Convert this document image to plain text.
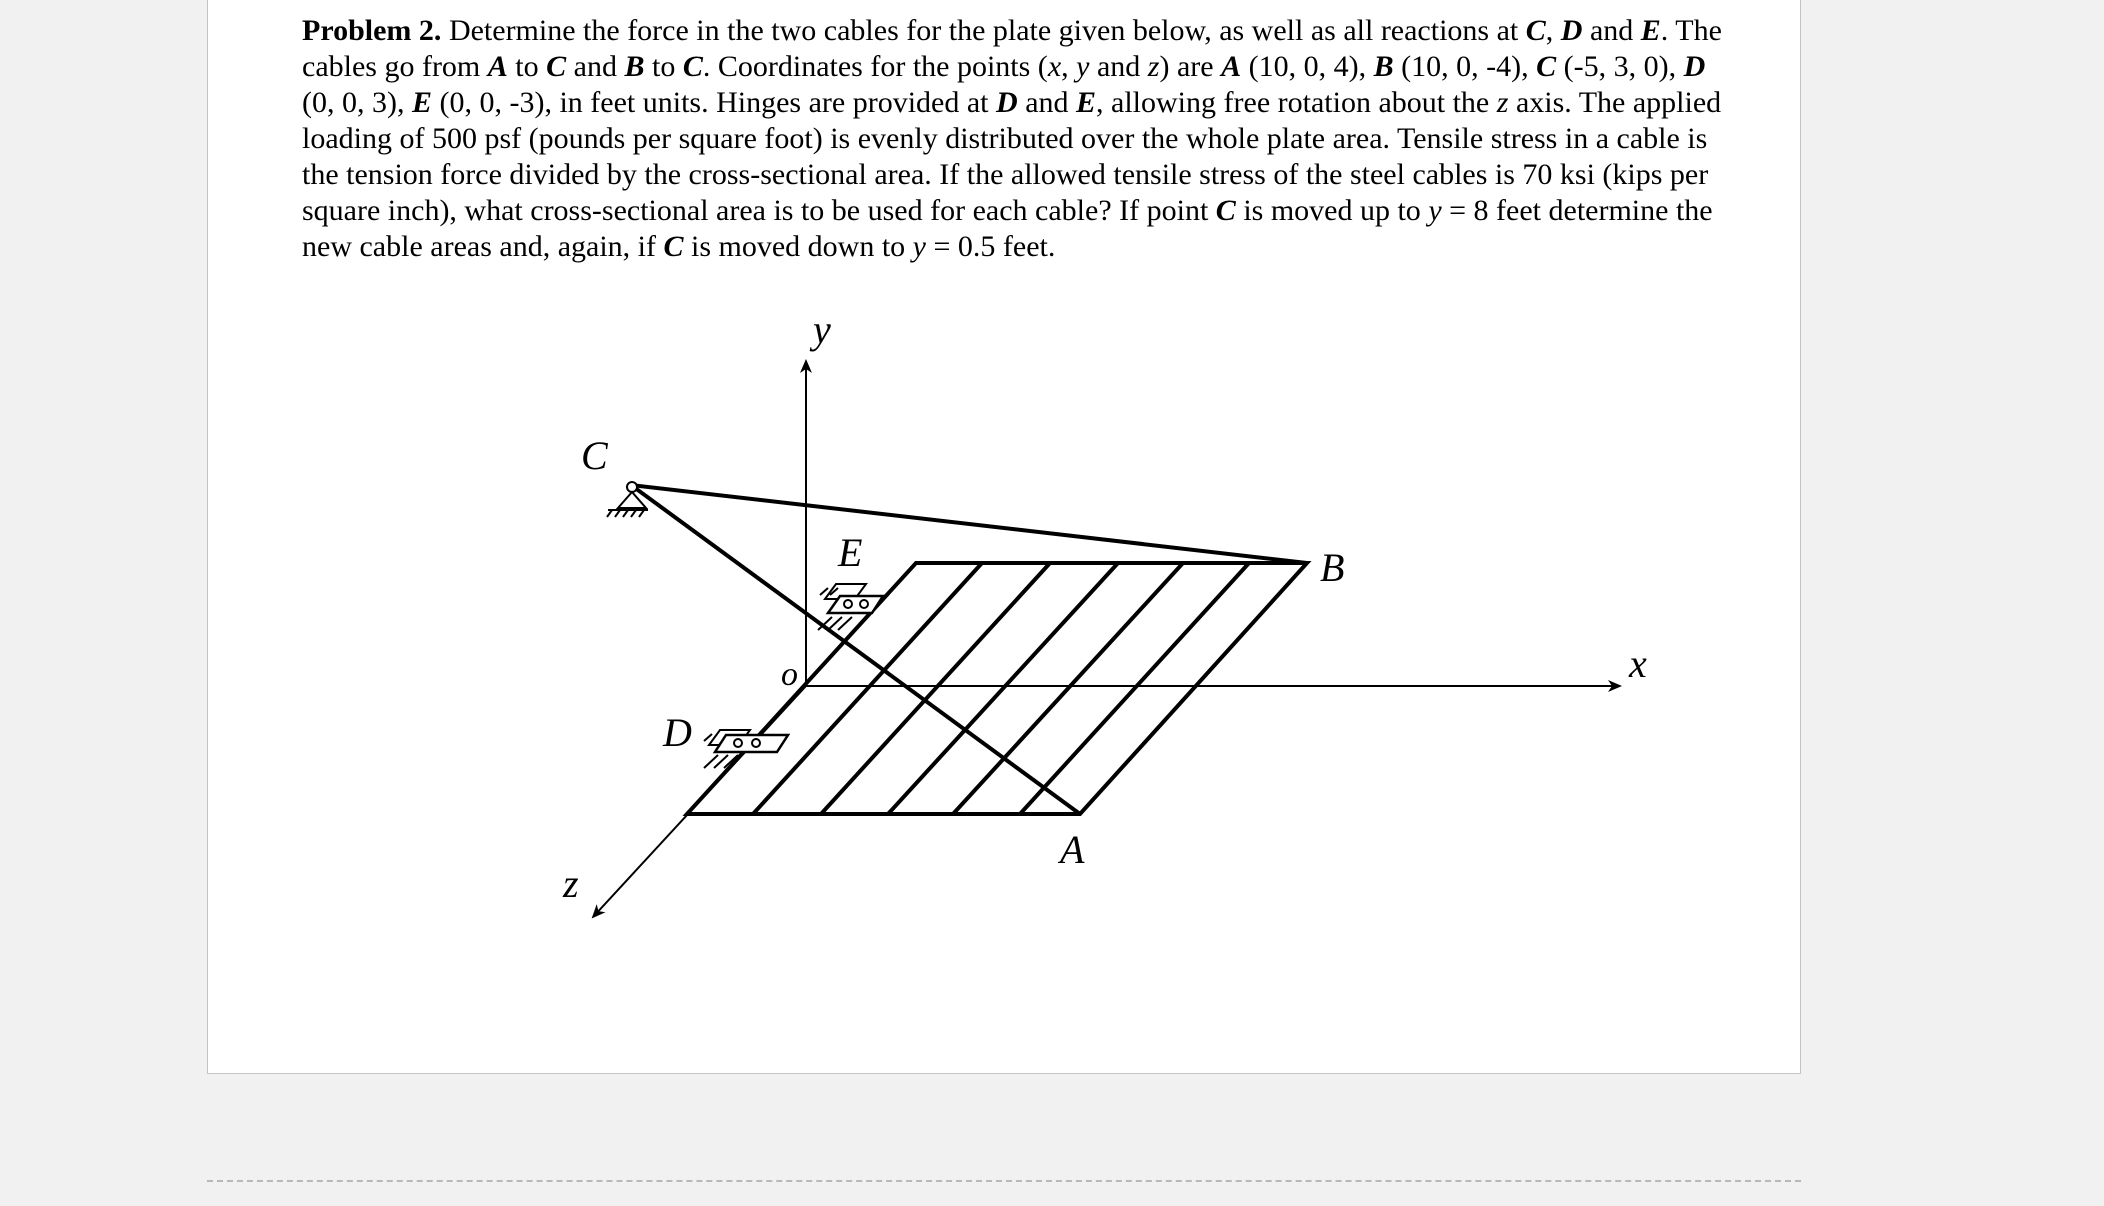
Problem 2. Determine the force in the two cables for the plate given below, as well as all reactions at C, D and E. The cables go from A to C and B to C. Coordinates for the points (x, y and z) are A (10, 0, 4), B (10, 0, -4), C (-5, 3, 0), D (0, 0, 3), E (0, 0, -3), in feet units. Hinges are provided at D and E, allowing free rotation about the z axis. The applied loading of 500 psf (pounds per square foot) is evenly distributed over the whole plate area. Tensile stress in a cable is the tension force divided by the cross-sectional area. If the allowed tensile stress of the steel cables is 70 ksi (kips per square inch), what cross-sectional area is to be used for each cable? If point C is moved up to y = 8 feet determine the new cable areas and, again, if C is moved down to y = 0.5 feet.

y
x
z
o
A
B
C
D
E
